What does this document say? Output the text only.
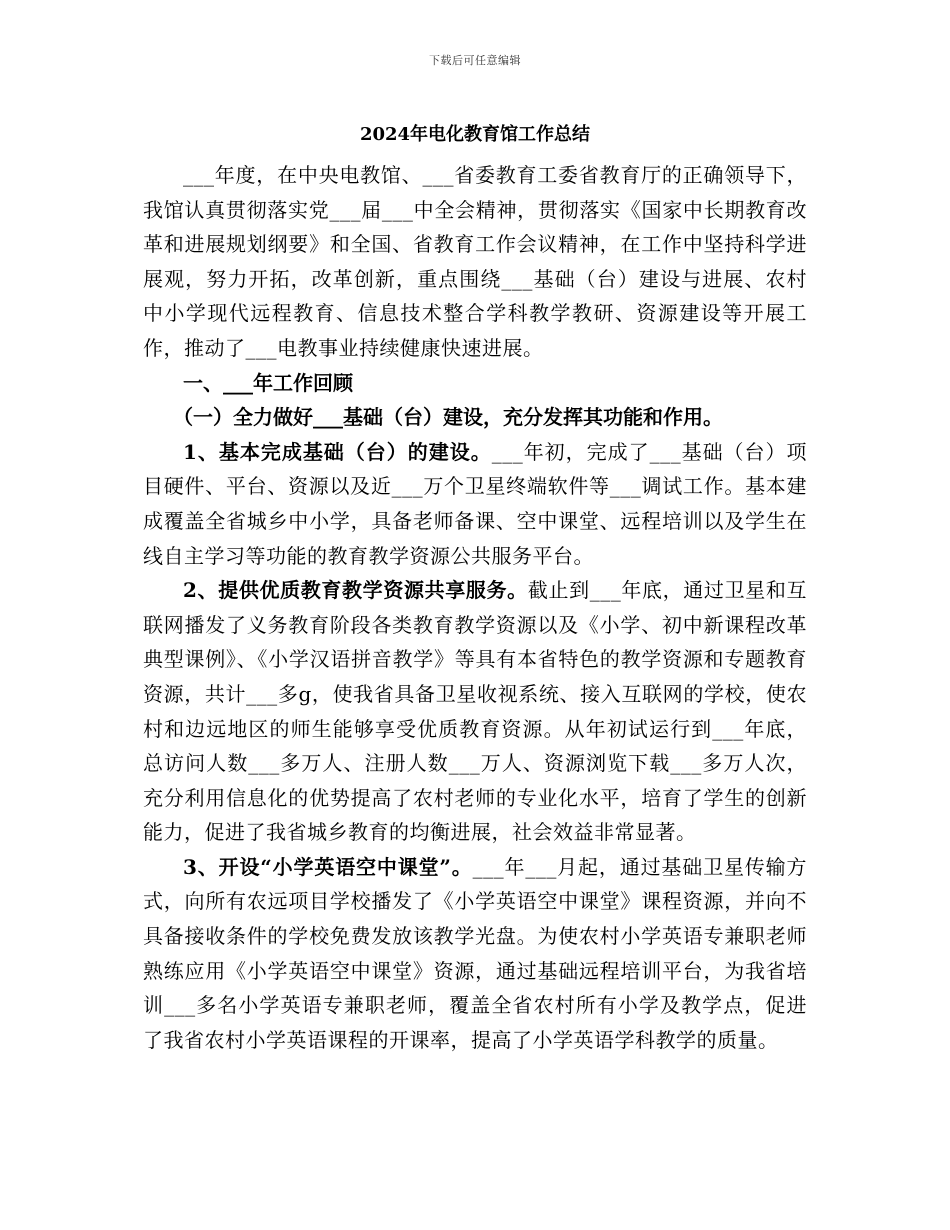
下载后可任意编辑
2024年电化教育馆工作总结

___年度，在中央电教馆、___省委教育工委省教育厅的正确领导下，我馆认真贯彻落实党___届___中全会精神，贯彻落实《国家中长期教育改革和进展规划纲要》和全国、省教育工作会议精神，在工作中坚持科学进展观，努力开拓，改革创新，重点围绕___基础（台）建设与进展、农村中小学现代远程教育、信息技术整合学科教学教研、资源建设等开展工作，推动了___电教事业持续健康快速进展。

一、___年工作回顾

（一）全力做好___基础（台）建设，充分发挥其功能和作用。

1、基本完成基础（台）的建设。___年初，完成了___基础（台）项目硬件、平台、资源以及近___万个卫星终端软件等___调试工作。基本建成覆盖全省城乡中小学，具备老师备课、空中课堂、远程培训以及学生在线自主学习等功能的教育教学资源公共服务平台。

2、提供优质教育教学资源共享服务。截止到___年底，通过卫星和互联网播发了义务教育阶段各类教育教学资源以及《小学、初中新课程改革典型课例》、《小学汉语拼音教学》等具有本省特色的教学资源和专题教育资源，共计___多g，使我省具备卫星收视系统、接入互联网的学校，使农村和边远地区的师生能够享受优质教育资源。从年初试运行到___年底，总访问人数___多万人、注册人数___万人、资源浏览下载___多万人次，充分利用信息化的优势提高了农村老师的专业化水平，培育了学生的创新能力，促进了我省城乡教育的均衡进展，社会效益非常显著。

3、开设“小学英语空中课堂”。___年___月起，通过基础卫星传输方式，向所有农远项目学校播发了《小学英语空中课堂》课程资源，并向不具备接收条件的学校免费发放该教学光盘。为使农村小学英语专兼职老师熟练应用《小学英语空中课堂》资源，通过基础远程培训平台，为我省培训___多名小学英语专兼职老师，覆盖全省农村所有小学及教学点，促进了我省农村小学英语课程的开课率，提高了小学英语学科教学的质量。
